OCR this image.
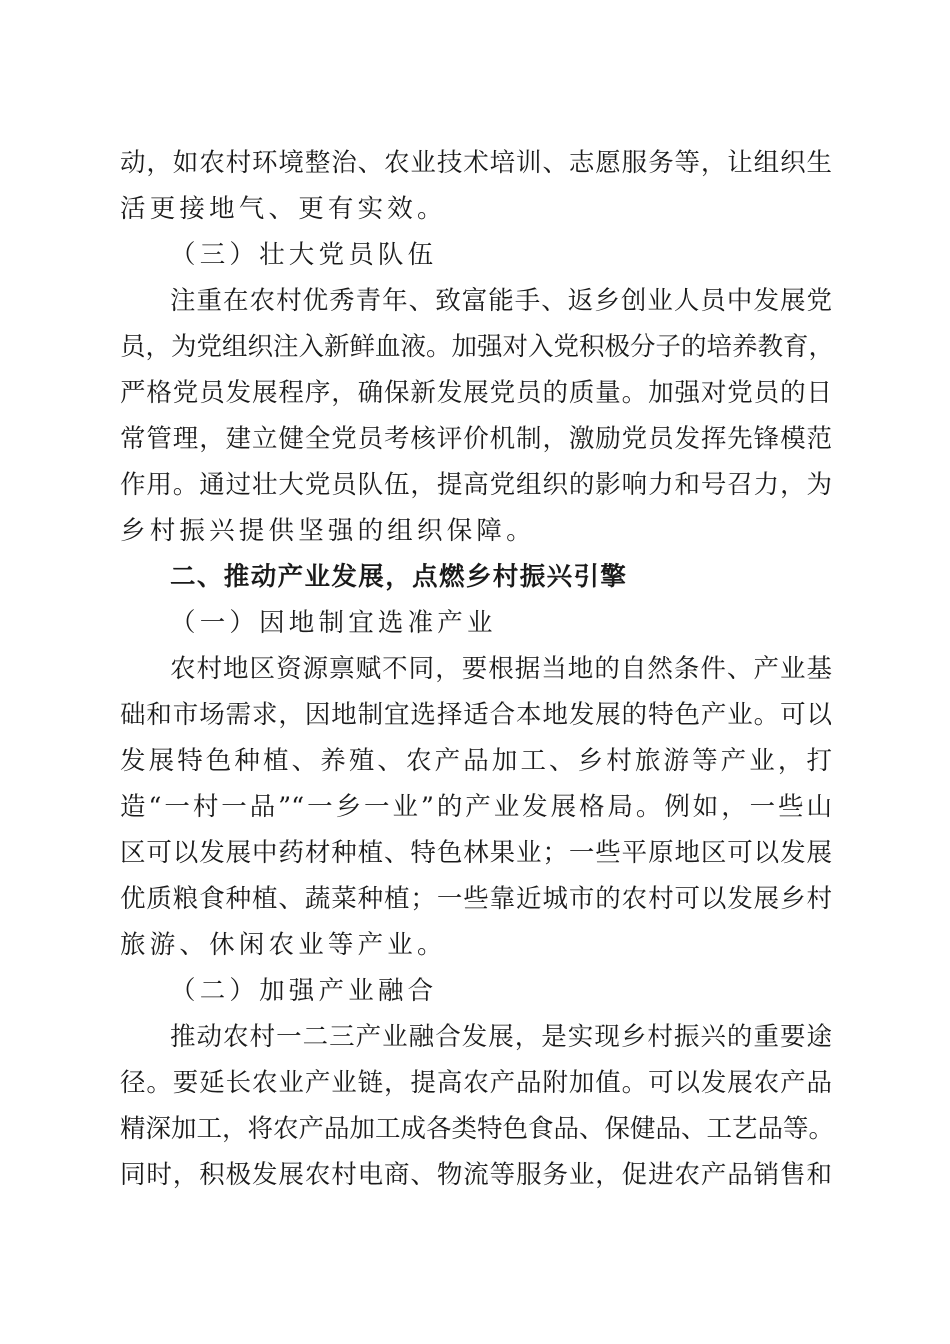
动，如农村环境整治、农业技术培训、志愿服务等，让组织生
活更接地气、更有实效。
（三）壮大党员队伍
注重在农村优秀青年、致富能手、返乡创业人员中发展党
员，为党组织注入新鲜血液。加强对入党积极分子的培养教育，
严格党员发展程序，确保新发展党员的质量。加强对党员的日
常管理，建立健全党员考核评价机制，激励党员发挥先锋模范
作用。通过壮大党员队伍，提高党组织的影响力和号召力，为
乡村振兴提供坚强的组织保障。
二、推动产业发展，点燃乡村振兴引擎
（一）因地制宜选准产业
农村地区资源禀赋不同，要根据当地的自然条件、产业基
础和市场需求，因地制宜选择适合本地发展的特色产业。可以
发展特色种植、养殖、农产品加工、乡村旅游等产业，打
造“一村一品”“一乡一业”的产业发展格局。例如，一些山
区可以发展中药材种植、特色林果业；一些平原地区可以发展
优质粮食种植、蔬菜种植；一些靠近城市的农村可以发展乡村
旅游、休闲农业等产业。
（二）加强产业融合
推动农村一二三产业融合发展，是实现乡村振兴的重要途
径。要延长农业产业链，提高农产品附加值。可以发展农产品
精深加工，将农产品加工成各类特色食品、保健品、工艺品等。
同时，积极发展农村电商、物流等服务业，促进农产品销售和
